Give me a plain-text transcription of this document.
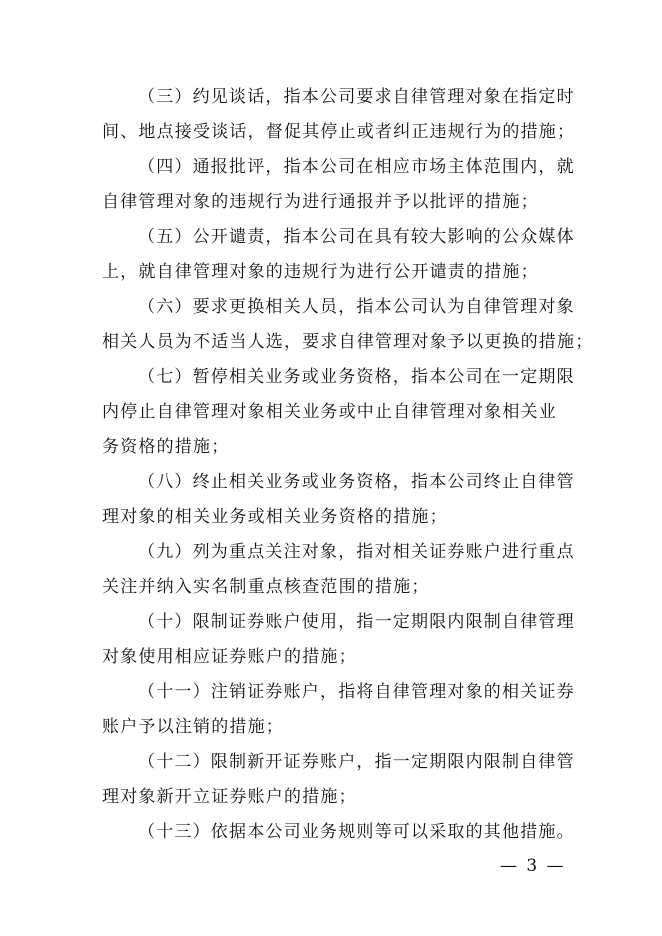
（三）约见谈话，指本公司要求自律管理对象在指定时
间、地点接受谈话，督促其停止或者纠正违规行为的措施；

（四）通报批评，指本公司在相应市场主体范围内，就
自律管理对象的违规行为进行通报并予以批评的措施；

（五）公开谴责，指本公司在具有较大影响的公众媒体
上，就自律管理对象的违规行为进行公开谴责的措施；

（六）要求更换相关人员，指本公司认为自律管理对象
相关人员为不适当人选，要求自律管理对象予以更换的措施；

（七）暂停相关业务或业务资格，指本公司在一定期限
内停止自律管理对象相关业务或中止自律管理对象相关业
务资格的措施；

（八）终止相关业务或业务资格，指本公司终止自律管
理对象的相关业务或相关业务资格的措施；

（九）列为重点关注对象，指对相关证券账户进行重点
关注并纳入实名制重点核查范围的措施；

（十）限制证券账户使用，指一定期限内限制自律管理
对象使用相应证券账户的措施；

（十一）注销证券账户，指将自律管理对象的相关证券
账户予以注销的措施；

（十二）限制新开证券账户，指一定期限内限制自律管
理对象新开立证券账户的措施；

（十三）依据本公司业务规则等可以采取的其他措施。

— 3 —
